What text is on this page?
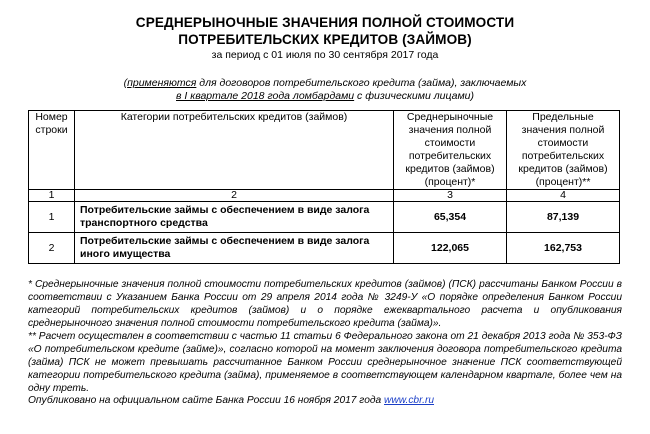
СРЕДНЕРЫНОЧНЫЕ ЗНАЧЕНИЯ ПОЛНОЙ СТОИМОСТИ
ПОТРЕБИТЕЛЬСКИХ КРЕДИТОВ (ЗАЙМОВ)
за период с 01 июля по 30 сентября 2017 года
(применяются для договоров потребительского кредита (займа), заключаемых
в I квартале 2018 года ломбардами с физическими лицами)
Номер строки	Категории потребительских кредитов (займов)	Среднерыночные значения полной стоимости потребительских кредитов (займов) (процент)*	Предельные значения полной стоимости потребительских кредитов (займов) (процент)**
1	2	3	4
1	Потребительские займы с обеспечением в виде залога транспортного средства	65,354	87,139
2	Потребительские займы с обеспечением в виде залога иного имущества	122,065	162,753
* Среднерыночные значения полной стоимости потребительских кредитов (займов) (ПСК) рассчитаны Банком России в соответствии с Указанием Банка России от 29 апреля 2014 года № 3249-У «О порядке определения Банком России категорий потребительских кредитов (займов) и о порядке ежеквартального расчета и опубликования среднерыночного значения полной стоимости потребительского кредита (займа)».
** Расчет осуществлен в соответствии с частью 11 статьи 6 Федерального закона от 21 декабря 2013 года № 353-ФЗ «О потребительском кредите (займе)», согласно которой на момент заключения договора потребительского кредита (займа) ПСК не может превышать рассчитанное Банком России среднерыночное значение ПСК соответствующей категории потребительского кредита (займа), применяемое в соответствующем календарном квартале, более чем на одну треть.
Опубликовано на официальном сайте Банка России 16 ноября 2017 года www.cbr.ru
